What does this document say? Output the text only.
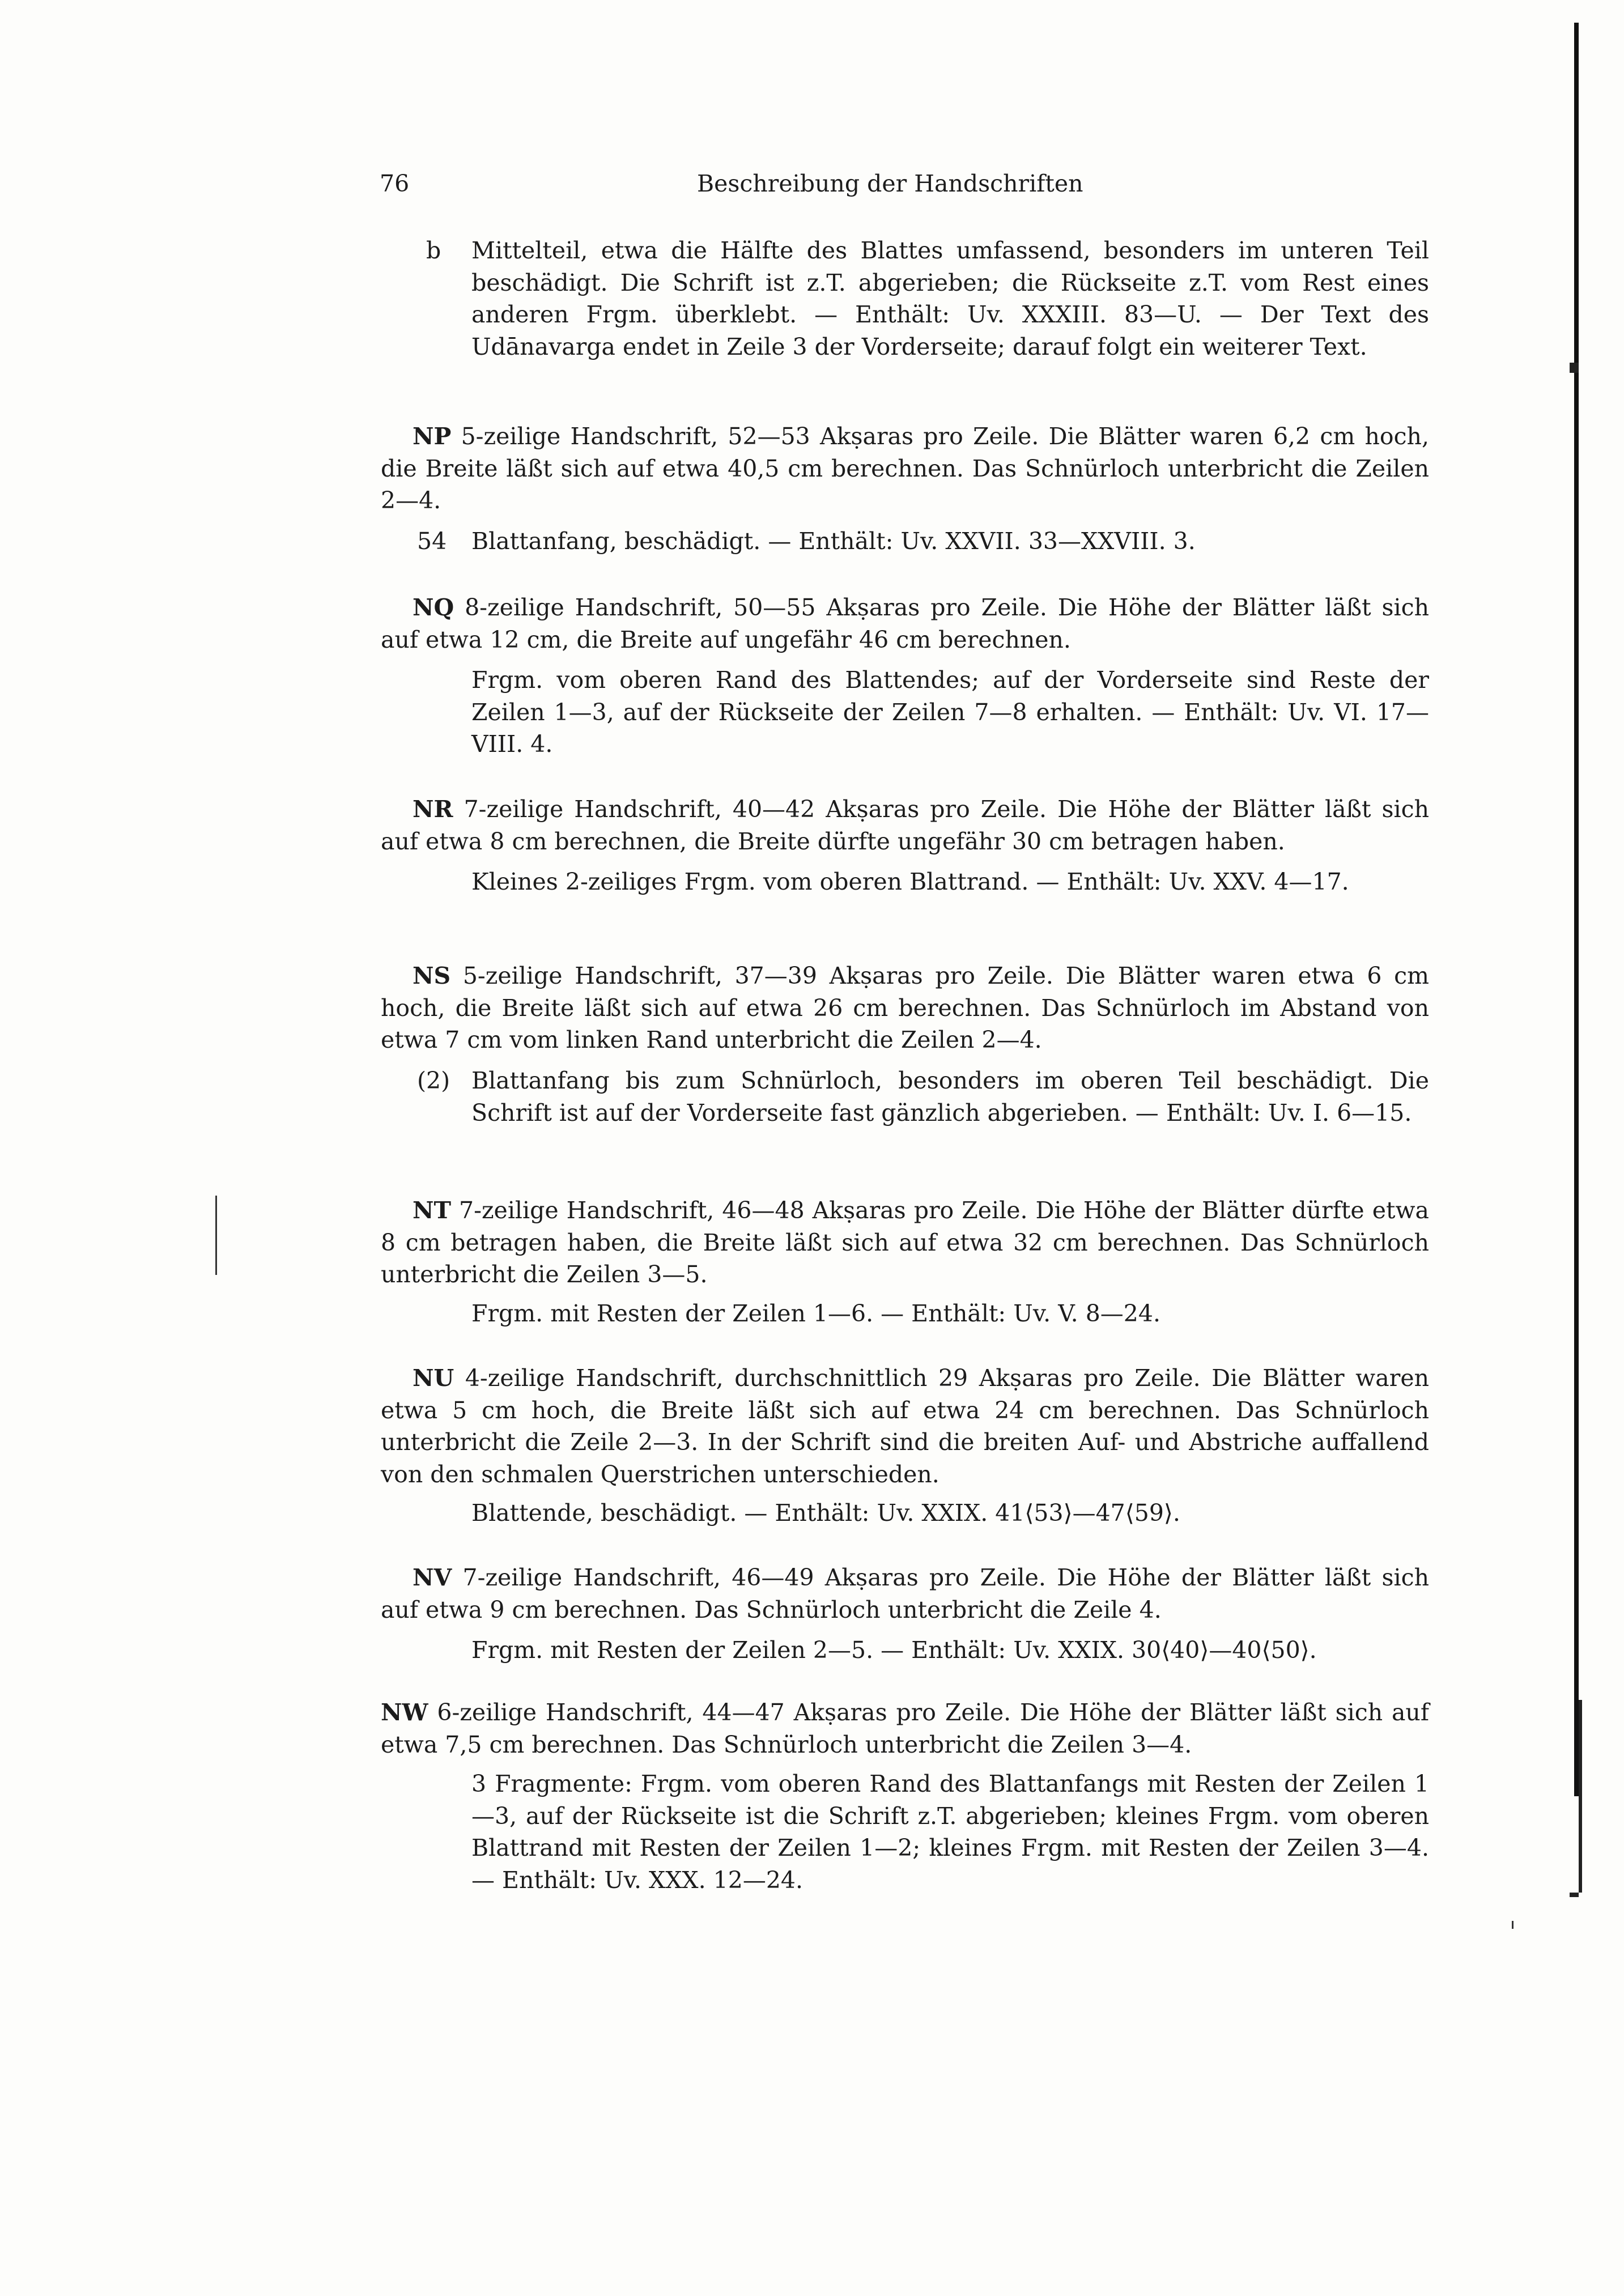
76	Beschreibung der Handschriften
b Mittelteil, etwa die Hälfte des Blattes umfassend, besonders im unteren Teil beschädigt. Die Schrift ist z.T. abgerieben; die Rückseite z.T. vom Rest eines anderen Frgm. überklebt. — Enthält: Uv. XXXIII. 83—U. — Der Text des Udānavarga endet in Zeile 3 der Vorderseite; darauf folgt ein weiterer Text.
NP 5-zeilige Handschrift, 52—53 Akṣaras pro Zeile. Die Blätter waren 6,2 cm hoch, die Breite läßt sich auf etwa 40,5 cm berechnen. Das Schnürloch unterbricht die Zeilen 2—4.
54 Blattanfang, beschädigt. — Enthält: Uv. XXVII. 33—XXVIII. 3.
NQ 8-zeilige Handschrift, 50—55 Akṣaras pro Zeile. Die Höhe der Blätter läßt sich auf etwa 12 cm, die Breite auf ungefähr 46 cm berechnen.
Frgm. vom oberen Rand des Blattendes; auf der Vorderseite sind Reste der Zeilen 1—3, auf der Rückseite der Zeilen 7—8 erhalten. — Enthält: Uv. VI. 17—VIII. 4.
NR 7-zeilige Handschrift, 40—42 Akṣaras pro Zeile. Die Höhe der Blätter läßt sich auf etwa 8 cm berechnen, die Breite dürfte ungefähr 30 cm betragen haben.
Kleines 2-zeiliges Frgm. vom oberen Blattrand. — Enthält: Uv. XXV. 4—17.
NS 5-zeilige Handschrift, 37—39 Akṣaras pro Zeile. Die Blätter waren etwa 6 cm hoch, die Breite läßt sich auf etwa 26 cm berechnen. Das Schnürloch im Abstand von etwa 7 cm vom linken Rand unterbricht die Zeilen 2—4.
(2) Blattanfang bis zum Schnürloch, besonders im oberen Teil beschädigt. Die Schrift ist auf der Vorderseite fast gänzlich abgerieben. — Enthält: Uv. I. 6—15.
NT 7-zeilige Handschrift, 46—48 Akṣaras pro Zeile. Die Höhe der Blätter dürfte etwa 8 cm betragen haben, die Breite läßt sich auf etwa 32 cm berechnen. Das Schnürloch unterbricht die Zeilen 3—5.
Frgm. mit Resten der Zeilen 1—6. — Enthält: Uv. V. 8—24.
NU 4-zeilige Handschrift, durchschnittlich 29 Akṣaras pro Zeile. Die Blätter waren etwa 5 cm hoch, die Breite läßt sich auf etwa 24 cm berechnen. Das Schnürloch unterbricht die Zeile 2—3. In der Schrift sind die breiten Auf- und Abstriche auffallend von den schmalen Querstrichen unterschieden.
Blattende, beschädigt. — Enthält: Uv. XXIX. 41⟨53⟩—47⟨59⟩.
NV 7-zeilige Handschrift, 46—49 Akṣaras pro Zeile. Die Höhe der Blätter läßt sich auf etwa 9 cm berechnen. Das Schnürloch unterbricht die Zeile 4.
Frgm. mit Resten der Zeilen 2—5. — Enthält: Uv. XXIX. 30⟨40⟩—40⟨50⟩.
NW 6-zeilige Handschrift, 44—47 Akṣaras pro Zeile. Die Höhe der Blätter läßt sich auf etwa 7,5 cm berechnen. Das Schnürloch unterbricht die Zeilen 3—4.
3 Fragmente: Frgm. vom oberen Rand des Blattanfangs mit Resten der Zeilen 1—3, auf der Rückseite ist die Schrift z.T. abgerieben; kleines Frgm. vom oberen Blattrand mit Resten der Zeilen 1—2; kleines Frgm. mit Resten der Zeilen 3—4. — Enthält: Uv. XXX. 12—24.
